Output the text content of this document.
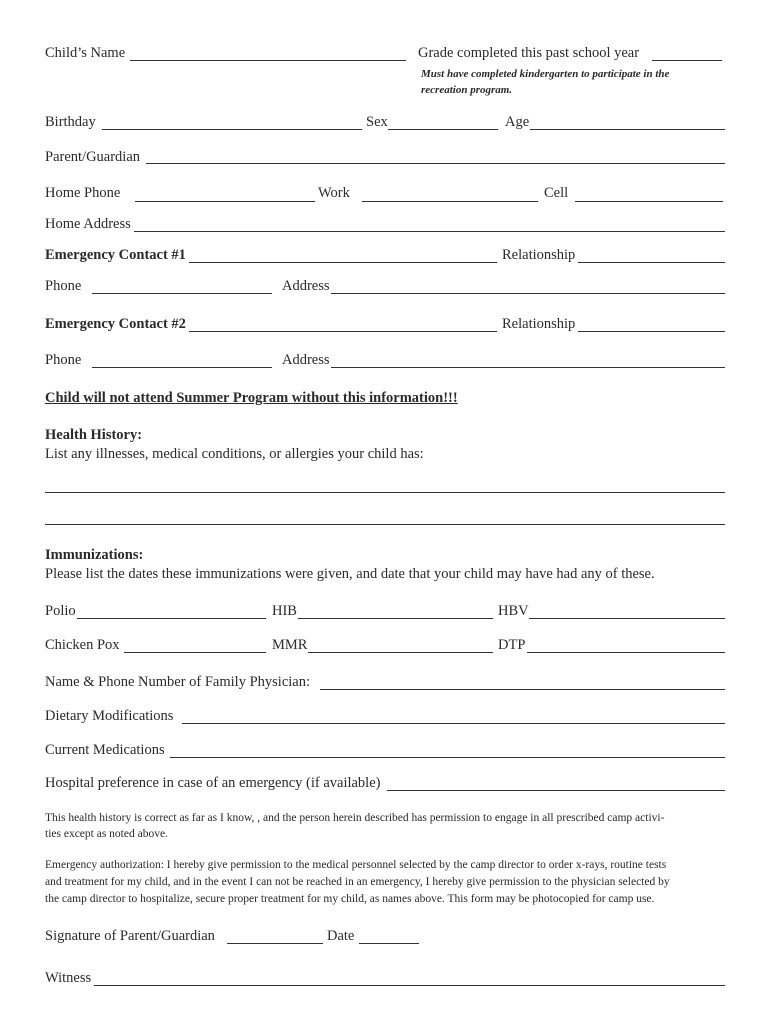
Child’s Name	Grade completed this past school year
Must have completed kindergarten to participate in the
recreation program.
Birthday	Sex	Age
Parent/Guardian
Home Phone	Work	Cell
Home Address
Emergency Contact #1	Relationship
Phone	Address
Emergency Contact #2	Relationship
Phone	Address
Child will not attend Summer Program without this information!!!
Health History:
List any illnesses, medical conditions, or allergies your child has:
Immunizations:
Please list the dates these immunizations were given, and date that your child may have had any of these.
Polio	HIB	HBV
Chicken Pox	MMR	DTP
Name & Phone Number of Family Physician:
Dietary Modifications
Current Medications
Hospital preference in case of an emergency (if available)
This health history is correct as far as I know, , and the person herein described has permission to engage in all prescribed camp activi-
ties except as noted above.
Emergency authorization: I hereby give permission to the medical personnel selected by the camp director to order x-rays, routine tests
and treatment for my child, and in the event I can not be reached in an emergency, I hereby give permission to the physician selected by
the camp director to hospitalize, secure proper treatment for my child, as names above. This form may be photocopied for camp use.
Signature of Parent/Guardian	Date
Witness
